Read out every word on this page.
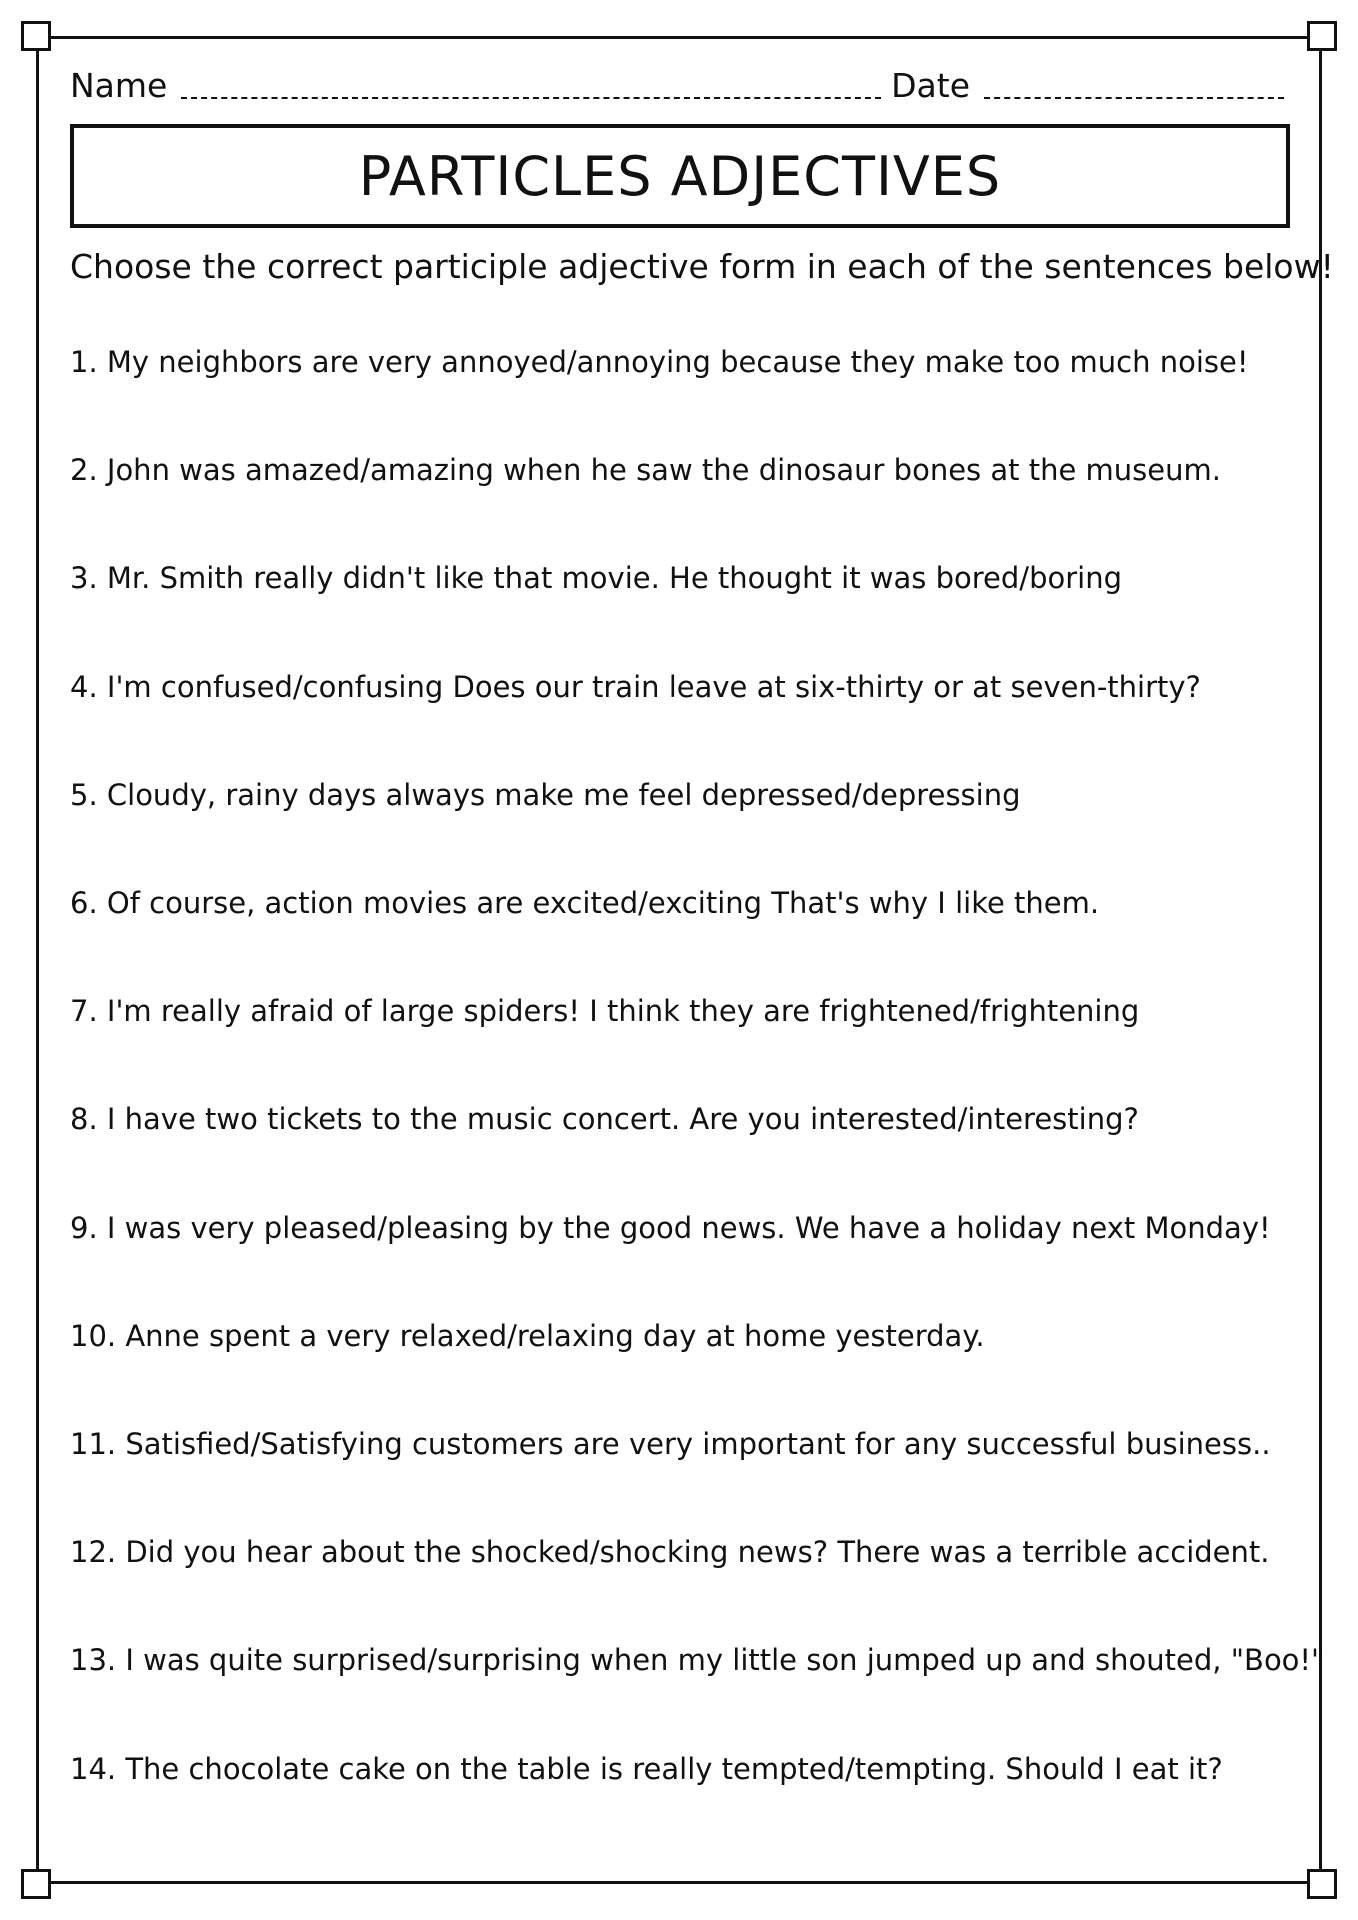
Name	Date
PARTICLES ADJECTIVES
Choose the correct participle adjective form in each of the sentences below!
1. My neighbors are very annoyed/annoying because they make too much noise!
2. John was amazed/amazing when he saw the dinosaur bones at the museum.
3. Mr. Smith really didn't like that movie. He thought it was bored/boring
4. I'm confused/confusing Does our train leave at six-thirty or at seven-thirty?
5. Cloudy, rainy days always make me feel depressed/depressing
6. Of course, action movies are excited/exciting That's why I like them.
7. I'm really afraid of large spiders! I think they are frightened/frightening
8. I have two tickets to the music concert. Are you interested/interesting?
9. I was very pleased/pleasing by the good news. We have a holiday next Monday!
10. Anne spent a very relaxed/relaxing day at home yesterday.
11. Satisfied/Satisfying customers are very important for any successful business..
12. Did you hear about the shocked/shocking news? There was a terrible accident.
13. I was quite surprised/surprising when my little son jumped up and shouted, "Boo!"
14. The chocolate cake on the table is really tempted/tempting. Should I eat it?
